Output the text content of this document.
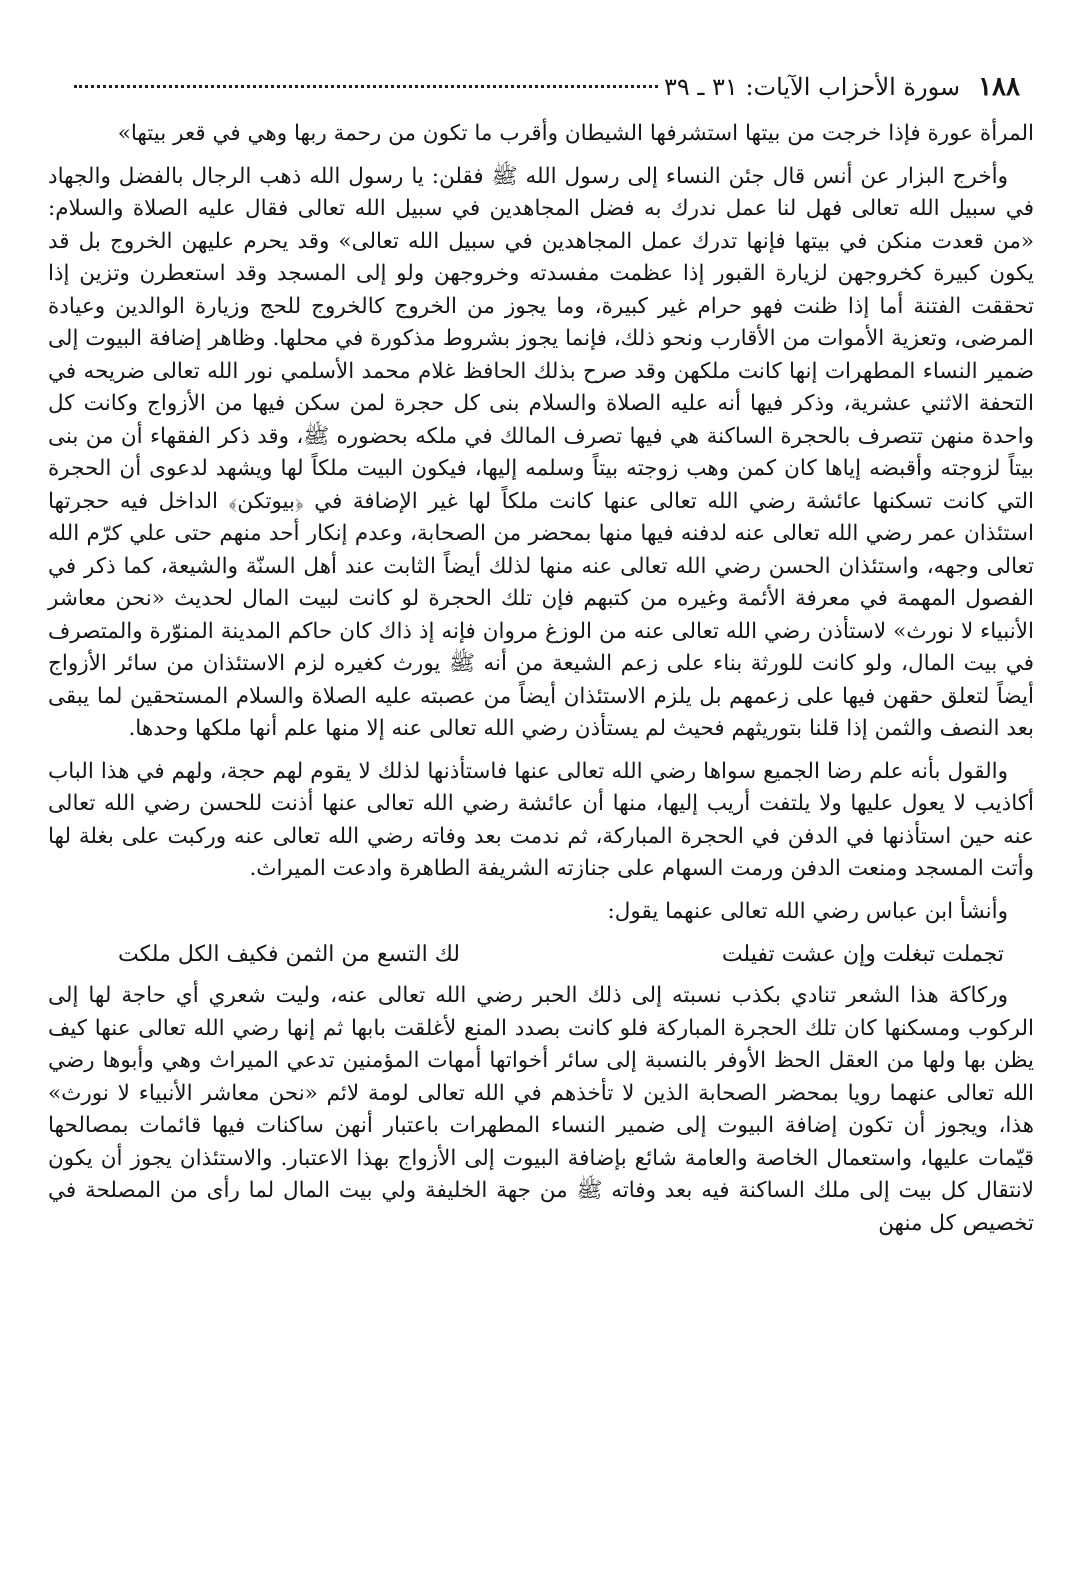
١٨٨
سورة الأحزاب الآيات: ٣١ ـ ٣٩

المرأة عورة فإذا خرجت من بيتها استشرفها الشيطان وأقرب ما تكون من رحمة ربها وهي في قعر بيتها»

وأخرج البزار عن أنس قال جئن النساء إلى رسول الله ﷺ فقلن: يا رسول الله ذهب الرجال بالفضل والجهاد في سبيل الله تعالى فهل لنا عمل ندرك به فضل المجاهدين في سبيل الله تعالى فقال عليه الصلاة والسلام: «من قعدت منكن في بيتها فإنها تدرك عمل المجاهدين في سبيل الله تعالى» وقد يحرم عليهن الخروج بل قد يكون كبيرة كخروجهن لزيارة القبور إذا عظمت مفسدته وخروجهن ولو إلى المسجد وقد استعطرن وتزين إذا تحققت الفتنة أما إذا ظنت فهو حرام غير كبيرة، وما يجوز من الخروج كالخروج للحج وزيارة الوالدين وعيادة المرضى، وتعزية الأموات من الأقارب ونحو ذلك، فإنما يجوز بشروط مذكورة في محلها. وظاهر إضافة البيوت إلى ضمير النساء المطهرات إنها كانت ملكهن وقد صرح بذلك الحافظ غلام محمد الأسلمي نور الله تعالى ضريحه في التحفة الاثني عشرية، وذكر فيها أنه عليه الصلاة والسلام بنى كل حجرة لمن سكن فيها من الأزواج وكانت كل واحدة منهن تتصرف بالحجرة الساكنة هي فيها تصرف المالك في ملكه بحضوره ﷺ، وقد ذكر الفقهاء أن من بنى بيتاً لزوجته وأقبضه إياها كان كمن وهب زوجته بيتاً وسلمه إليها، فيكون البيت ملكاً لها ويشهد لدعوى أن الحجرة التي كانت تسكنها عائشة رضي الله تعالى عنها كانت ملكاً لها غير الإضافة في ﴿بيوتكن﴾ الداخل فيه حجرتها استئذان عمر رضي الله تعالى عنه لدفنه فيها منها بمحضر من الصحابة، وعدم إنكار أحد منهم حتى علي كرّم الله تعالى وجهه، واستئذان الحسن رضي الله تعالى عنه منها لذلك أيضاً الثابت عند أهل السنّة والشيعة، كما ذكر في الفصول المهمة في معرفة الأئمة وغيره من كتبهم فإن تلك الحجرة لو كانت لبيت المال لحديث «نحن معاشر الأنبياء لا نورث» لاستأذن رضي الله تعالى عنه من الوزغ مروان فإنه إذ ذاك كان حاكم المدينة المنوّرة والمتصرف في بيت المال، ولو كانت للورثة بناء على زعم الشيعة من أنه ﷺ يورث كغيره لزم الاستئذان من سائر الأزواج أيضاً لتعلق حقهن فيها على زعمهم بل يلزم الاستئذان أيضاً من عصبته عليه الصلاة والسلام المستحقين لما يبقى بعد النصف والثمن إذا قلنا بتوريثهم فحيث لم يستأذن رضي الله تعالى عنه إلا منها علم أنها ملكها وحدها.

والقول بأنه علم رضا الجميع سواها رضي الله تعالى عنها فاستأذنها لذلك لا يقوم لهم حجة، ولهم في هذا الباب أكاذيب لا يعول عليها ولا يلتفت أريب إليها، منها أن عائشة رضي الله تعالى عنها أذنت للحسن رضي الله تعالى عنه حين استأذنها في الدفن في الحجرة المباركة، ثم ندمت بعد وفاته رضي الله تعالى عنه وركبت على بغلة لها وأتت المسجد ومنعت الدفن ورمت السهام على جنازته الشريفة الطاهرة وادعت الميراث.

وأنشأ ابن عباس رضي الله تعالى عنهما يقول:

تجملت تبغلت وإن عشت تفيلت
لك التسع من الثمن فكيف الكل ملكت

وركاكة هذا الشعر تنادي بكذب نسبته إلى ذلك الحبر رضي الله تعالى عنه، وليت شعري أي حاجة لها إلى الركوب ومسكنها كان تلك الحجرة المباركة فلو كانت بصدد المنع لأغلقت بابها ثم إنها رضي الله تعالى عنها كيف يظن بها ولها من العقل الحظ الأوفر بالنسبة إلى سائر أخواتها أمهات المؤمنين تدعي الميراث وهي وأبوها رضي الله تعالى عنهما رويا بمحضر الصحابة الذين لا تأخذهم في الله تعالى لومة لائم «نحن معاشر الأنبياء لا نورث» هذا، ويجوز أن تكون إضافة البيوت إلى ضمير النساء المطهرات باعتبار أنهن ساكنات فيها قائمات بمصالحها قيّمات عليها، واستعمال الخاصة والعامة شائع بإضافة البيوت إلى الأزواج بهذا الاعتبار. والاستئذان يجوز أن يكون لانتقال كل بيت إلى ملك الساكنة فيه بعد وفاته ﷺ من جهة الخليفة ولي بيت المال لما رأى من المصلحة في تخصيص كل منهن
